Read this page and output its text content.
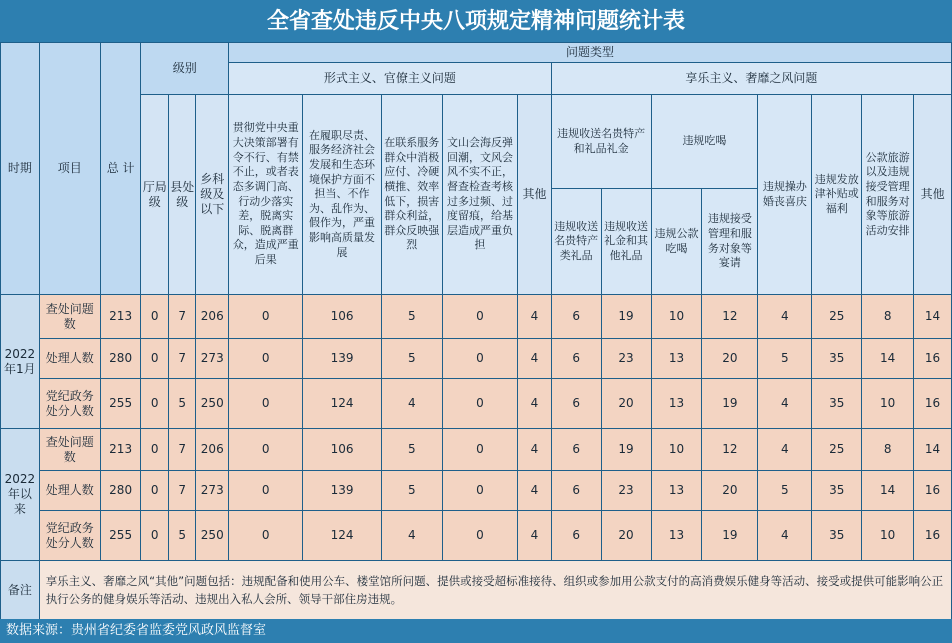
全省查处违反中央八项规定精神问题统计表
时期	项目	总 计	级别			问题类型												
						形式主义、官僚主义问题					享乐主义、奢靡之风问题							
			厅局级	县处级	乡科级及以下	贯彻党中央重大决策部署有令不行、有禁不止，或者表态多调门高、行动少落实差，脱离实际、脱离群众，造成严重后果	在履职尽责、服务经济社会发展和生态环境保护方面不担当、不作为、乱作为、假作为，严重影响高质量发展	在联系服务群众中消极应付、冷硬横推、效率低下，损害群众利益，群众反映强烈	文山会海反弹回潮，文风会风不实不正，督查检查考核过多过频、过度留痕，给基层造成严重负担	其他	违规收送名贵特产和礼品礼金		违规吃喝		违规操办婚丧喜庆	违规发放津补贴或福利	公款旅游以及违规接受管理和服务对象等旅游活动安排	其他
											违规收送名贵特产类礼品	违规收送礼金和其他礼品	违规公款吃喝	违规接受管理和服务对象等宴请				
2022年1月	查处问题数	213	0	7	206	0	106	5	0	4	6	19	10	12	4	25	8	14
	处理人数	280	0	7	273	0	139	5	0	4	6	23	13	20	5	35	14	16
	党纪政务处分人数	255	0	5	250	0	124	4	0	4	6	20	13	19	4	35	10	16
2022年以来	查处问题数	213	0	7	206	0	106	5	0	4	6	19	10	12	4	25	8	14
	处理人数	280	0	7	273	0	139	5	0	4	6	23	13	20	5	35	14	16
	党纪政务处分人数	255	0	5	250	0	124	4	0	4	6	20	13	19	4	35	10	16
备注	享乐主义、奢靡之风“其他”问题包括：违规配备和使用公车、楼堂馆所问题、提供或接受超标准接待、组织或参加用公款支付的高消费娱乐健身等活动、接受或提供可能影响公正执行公务的健身娱乐等活动、违规出入私人会所、领导干部住房违规。																	
数据来源：贵州省纪委省监委党风政风监督室
